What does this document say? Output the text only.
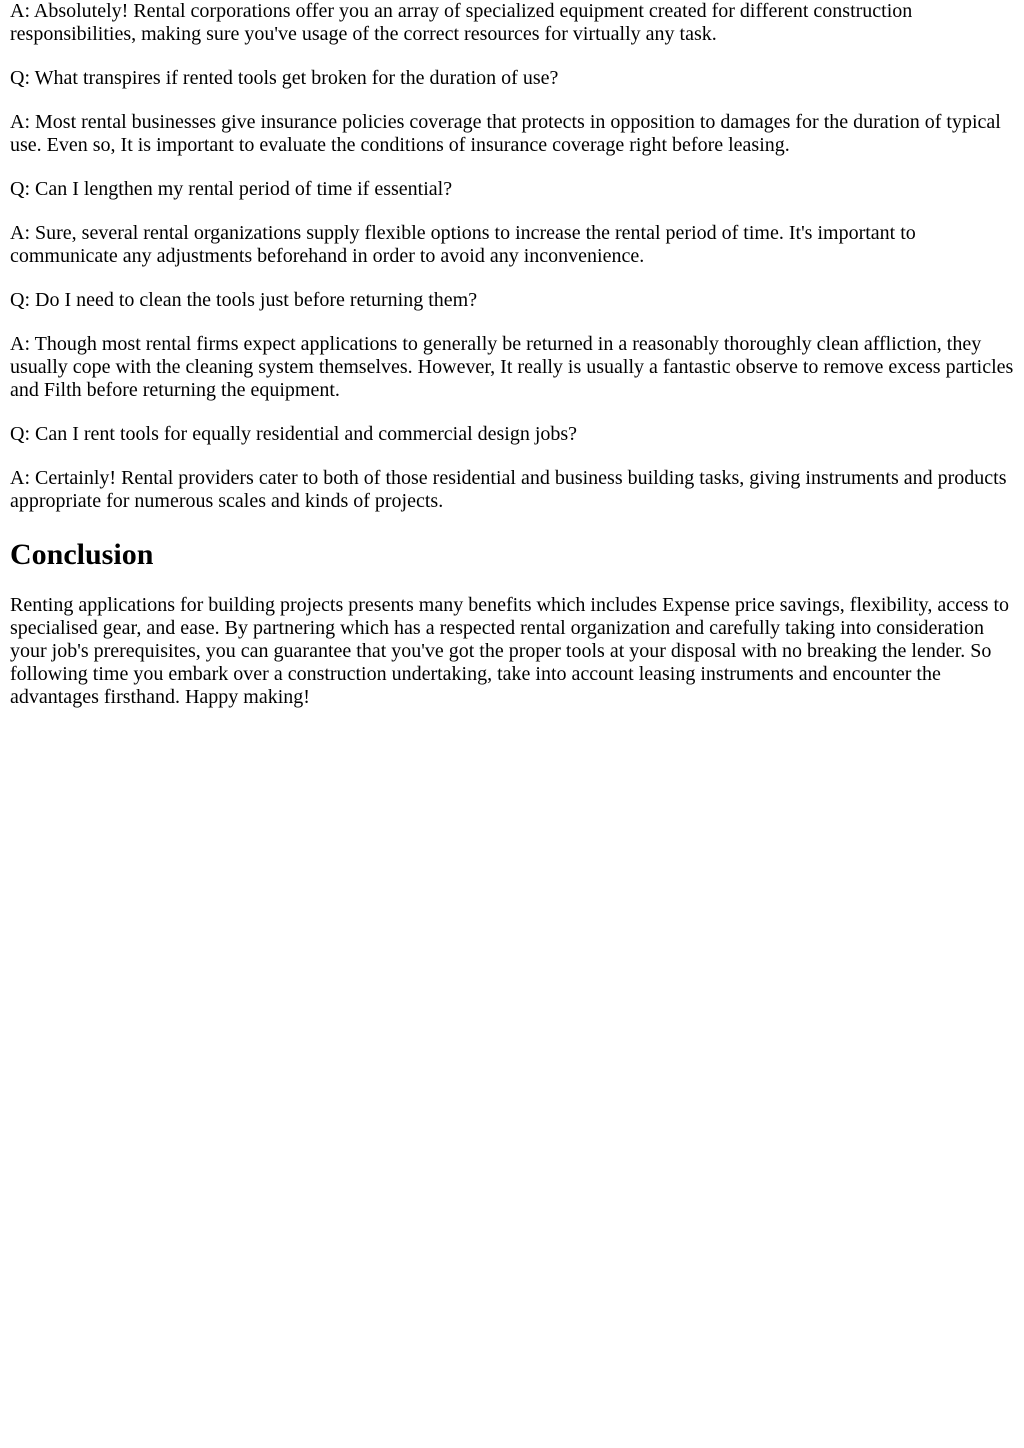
A: Absolutely! Rental corporations offer you an array of specialized equipment created for different construction responsibilities, making sure you've usage of the correct resources for virtually any task.

Q: What transpires if rented tools get broken for the duration of use?

A: Most rental businesses give insurance policies coverage that protects in opposition to damages for the duration of typical use. Even so, It is important to evaluate the conditions of insurance coverage right before leasing.

Q: Can I lengthen my rental period of time if essential?

A: Sure, several rental organizations supply flexible options to increase the rental period of time. It's important to communicate any adjustments beforehand in order to avoid any inconvenience.

Q: Do I need to clean the tools just before returning them?

A: Though most rental firms expect applications to generally be returned in a reasonably thoroughly clean affliction, they usually cope with the cleaning system themselves. However, It really is usually a fantastic observe to remove excess particles and Filth before returning the equipment.

Q: Can I rent tools for equally residential and commercial design jobs?

A: Certainly! Rental providers cater to both of those residential and business building tasks, giving instruments and products appropriate for numerous scales and kinds of projects.

Conclusion

Renting applications for building projects presents many benefits which includes Expense price savings, flexibility, access to specialised gear, and ease. By partnering which has a respected rental organization and carefully taking into consideration your job's prerequisites, you can guarantee that you've got the proper tools at your disposal with no breaking the lender. So following time you embark over a construction undertaking, take into account leasing instruments and encounter the advantages firsthand. Happy making!
